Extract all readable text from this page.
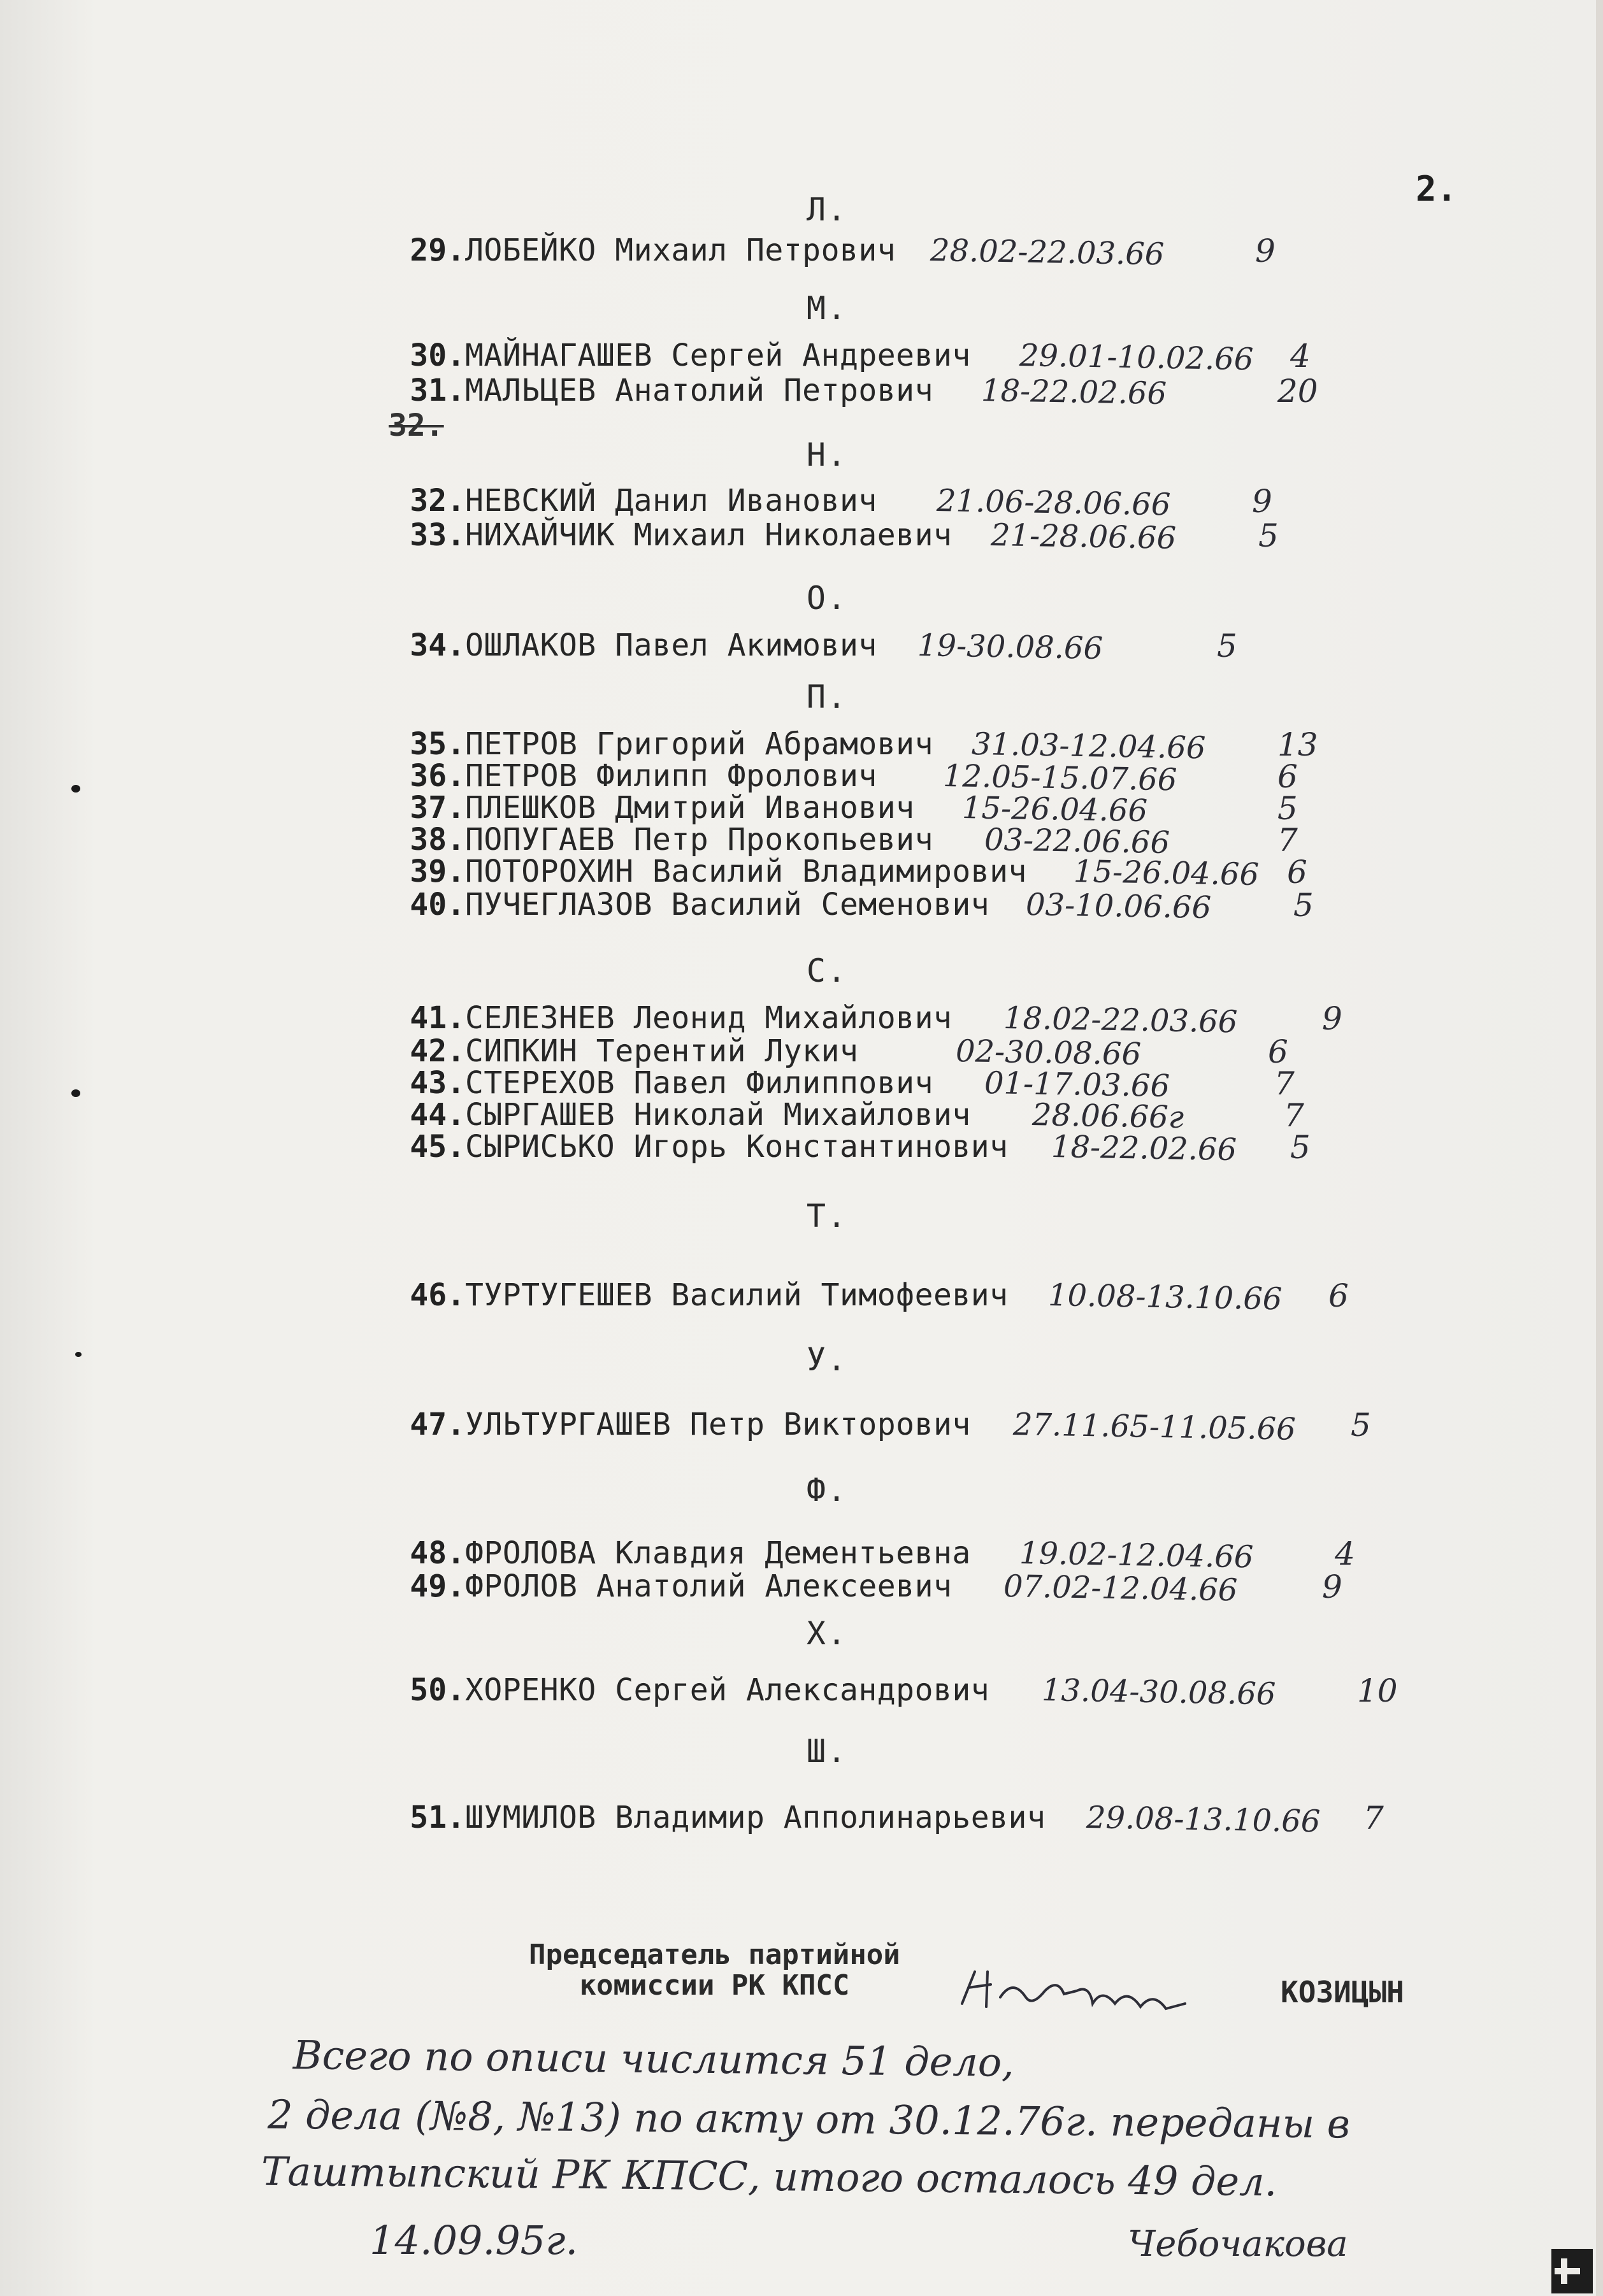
2.
Л.
29. ЛОБЕЙКО Михаил Петрович 28.02-22.03.66	9
М.
30. МАЙНАГАШЕВ Сергей Андреевич 29.01-10.02.66 4
31. МАЛЬЦЕВ Анатолий Петрович 18-22.02.66	20
32.
Н.
32. НЕВСКИЙ Данил Иванович 21.06-28.06.66	9
33. НИХАЙЧИК Михаил Николаевич 21-28.06.66	5
О.
34. ОШЛАКОВ Павел Акимович 19-30.08.66	5
П.
35. ПЕТРОВ Григорий Абрамович 31.03-12.04.66 13
36. ПЕТРОВ Филипп Фролович 12.05-15.07.66	6
37. ПЛЕШКОВ Дмитрий Иванович 15-26.04.66	5
38. ПОПУГАЕВ Петр Прокопьевич 03-22.06.66	7
39. ПОТОРОХИН Василий Владимирович 15-26.04.66 6
40. ПУЧЕГЛАЗОВ Василий Семенович 03-10.06.66	5
С.
41. СЕЛЕЗНЕВ Леонид Михайлович 18.02-22.03.66	9
42. СИПКИН Терентий Лукич	02-30.08.66	6
43. СТЕРЕХОВ Павел Филиппович 01-17.03.66	7
44. СЫРГАШЕВ Николай Михайлович 28.06.66г	7
45. СЫРИСЬКО Игорь Константинович 18-22.02.66 5
Т.
46. ТУРТУГЕШЕВ Василий Тимофеевич 10.08-13.10.66 6
У.
47. УЛЬТУРГАШЕВ Петр Викторович 27.11.65-11.05.66 5
Ф.
48. ФРОЛОВА Клавдия Дементьевна 19.02-12.04.66	4
49. ФРОЛОВ Анатолий Алексеевич 07.02-12.04.66	9
Х.
50. ХОРЕНКО Сергей Александрович 13.04-30.08.66	10
Ш.
51. ШУМИЛОВ Владимир Апполинарьевич 29.08-13.10.66 7
Председатель партийной
комиссии РК КПСС	КОЗИЦЫН
Всего по описи числится 51 дело,
2 дела (№8, №13) по акту от 30.12.76г. переданы в
Таштыпский РК КПСС, итого осталось 49 дел.
14.09.95г.	Чебочакова
